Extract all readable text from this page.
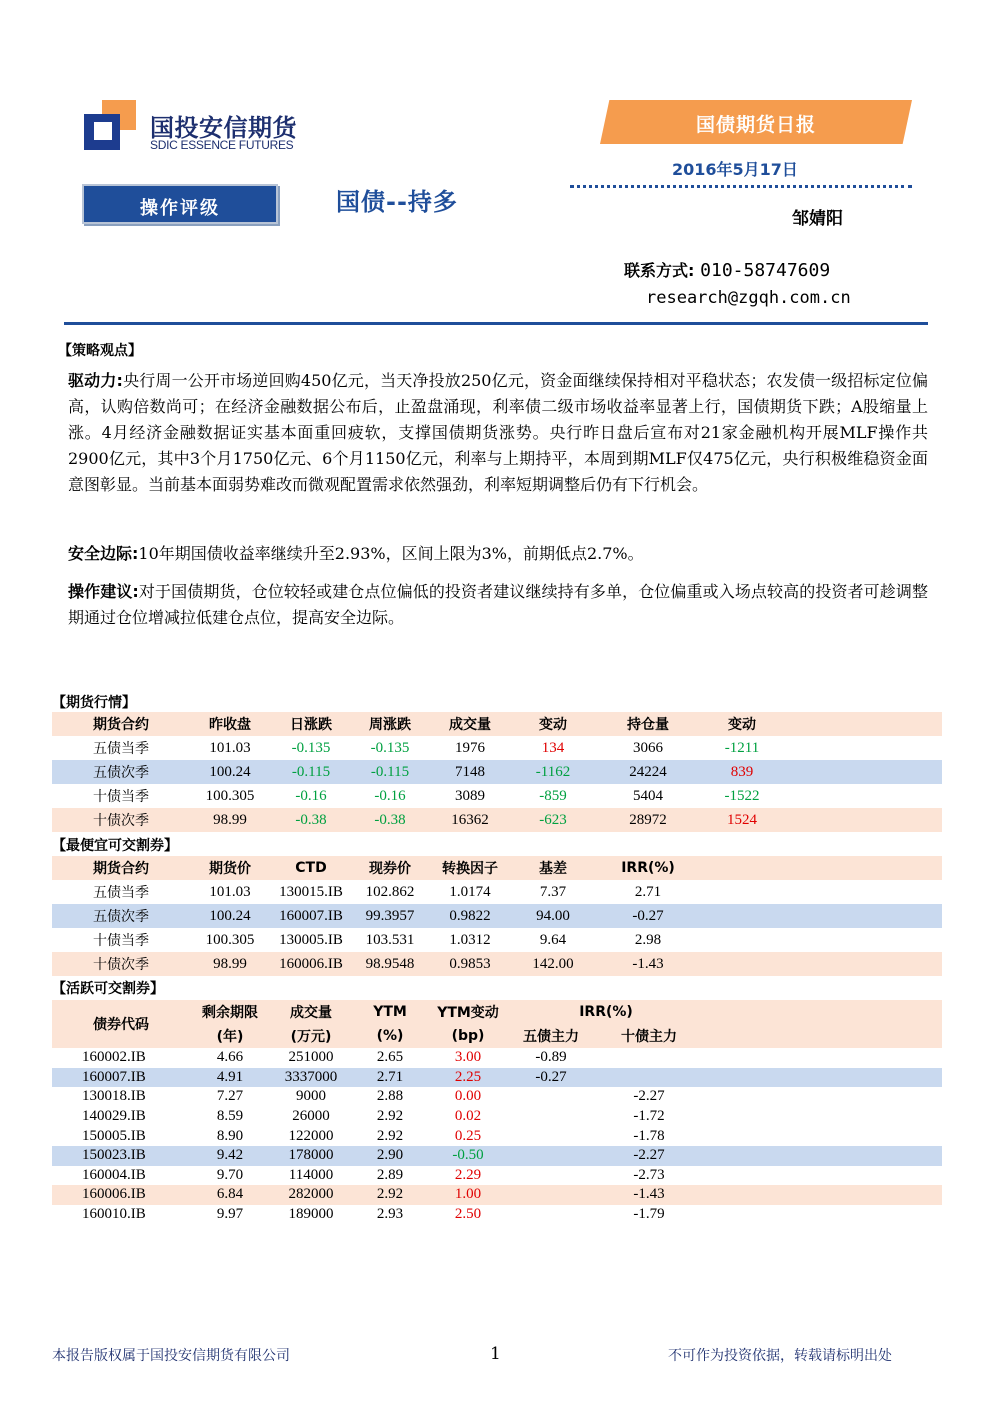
国投安信期货
SDIC ESSENCE FUTURES
国债期货日报
2016年5月17日
操作评级	国债--持多
邹婧阳
联系方式: 010-58747609
research@zgqh.com.cn
【策略观点】
驱动力:央行周一公开市场逆回购450亿元，当天净投放250亿元，资金面继续保持相对平稳状态；农发债一级招标定位偏高，认购倍数尚可；在经济金融数据公布后，止盈盘涌现，利率债二级市场收益率显著上行，国债期货下跌；A股缩量上涨。4月经济金融数据证实基本面重回疲软，支撑国债期货涨势。央行昨日盘后宣布对21家金融机构开展MLF操作共2900亿元，其中3个月1750亿元、6个月1150亿元，利率与上期持平，本周到期MLF仅475亿元，央行积极维稳资金面意图彰显。当前基本面弱势难改而微观配置需求依然强劲，利率短期调整后仍有下行机会。
安全边际:10年期国债收益率继续升至2.93%，区间上限为3%，前期低点2.7%。
操作建议:对于国债期货，仓位较轻或建仓点位偏低的投资者建议继续持有多单，仓位偏重或入场点较高的投资者可趁调整期通过仓位增减拉低建仓点位，提高安全边际。
【期货行情】
期货合约	昨收盘	日涨跌	周涨跌	成交量	变动	持仓量	变动	
五债当季	101.03	-0.135	-0.135	1976	134	3066	-1211	
五债次季	100.24	-0.115	-0.115	7148	-1162	24224	839	
十债当季	100.305	-0.16	-0.16	3089	-859	5404	-1522	
十债次季	98.99	-0.38	-0.38	16362	-623	28972	1524	
【最便宜可交割券】
期货合约	期货价	CTD	现券价	转换因子	基差	IRR(%)	
五债当季	101.03	130015.IB	102.862	1.0174	7.37	2.71	
五债次季	100.24	160007.IB	99.3957	0.9822	94.00	-0.27	
十债当季	100.305	130005.IB	103.531	1.0312	9.64	2.98	
十债次季	98.99	160006.IB	98.9548	0.9853	142.00	-1.43	
【活跃可交割券】
债券代码	剩余期限	成交量	YTM	YTM变动	IRR(%)		
	(年)	(万元)	(%)	(bp)	五债主力	十债主力	
160002.IB	4.66	251000	2.65	3.00	-0.89		
160007.IB	4.91	3337000	2.71	2.25	-0.27		
130018.IB	7.27	9000	2.88	0.00		-2.27	
140029.IB	8.59	26000	2.92	0.02		-1.72	
150005.IB	8.90	122000	2.92	0.25		-1.78	
150023.IB	9.42	178000	2.90	-0.50		-2.27	
160004.IB	9.70	114000	2.89	2.29		-2.73	
160006.IB	6.84	282000	2.92	1.00		-1.43	
160010.IB	9.97	189000	2.93	2.50		-1.79	
本报告版权属于国投安信期货有限公司	1	不可作为投资依据，转载请标明出处
